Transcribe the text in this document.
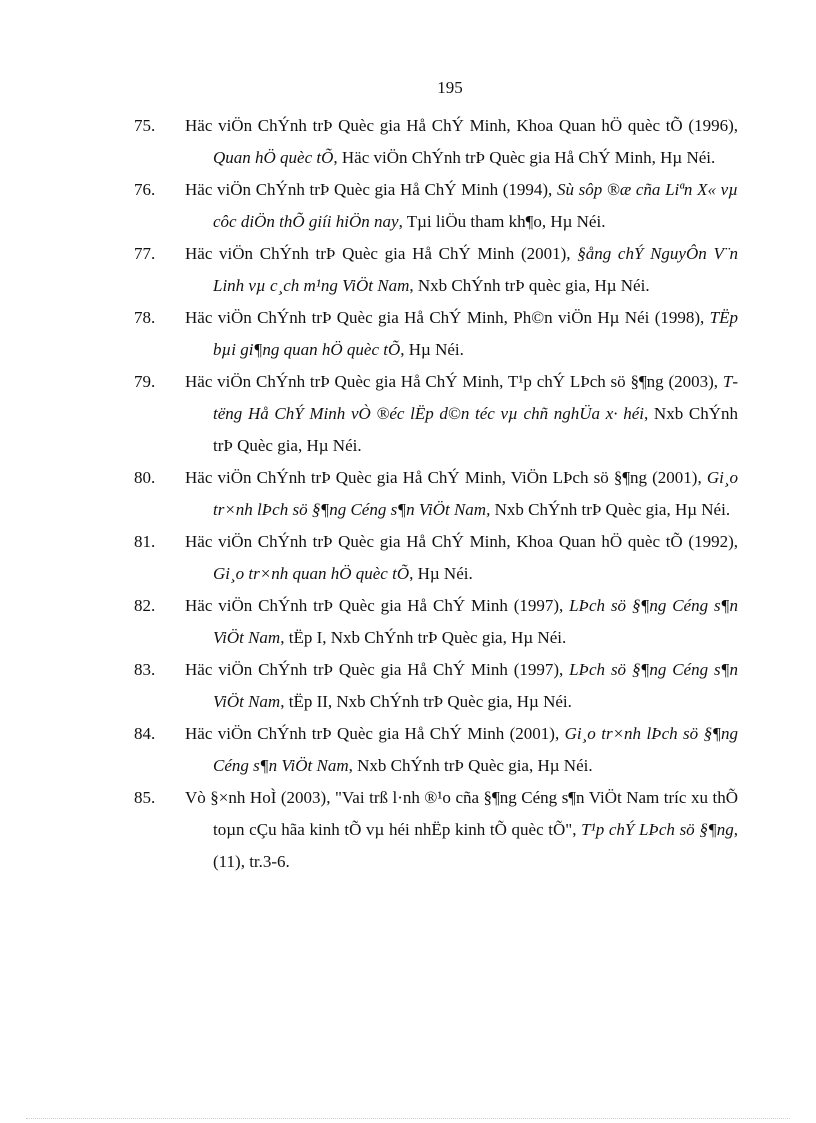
195
75. Häc viÖn ChÝnh trÞ Quèc gia Hå ChÝ Minh, Khoa Quan hÖ quèc tÕ (1996), Quan hÖ quèc tÕ, Häc viÖn ChÝnh trÞ Quèc gia Hå ChÝ Minh, Hµ Néi.
76. Häc viÖn ChÝnh trÞ Quèc gia Hå ChÝ Minh (1994), Sù sôp ®æ cña Liªn X« vµ côc diÖn thÕ giíi hiÖn nay, Tµi liÖu tham kh¶o, Hµ Néi.
77. Häc viÖn ChÝnh trÞ Quèc gia Hå ChÝ Minh (2001), §ång chÝ NguyÔn V¨n Linh vµ c¸ch m¹ng ViÖt Nam, Nxb ChÝnh trÞ quèc gia, Hµ Néi.
78. Häc viÖn ChÝnh trÞ Quèc gia Hå ChÝ Minh, Ph©n viÖn Hµ Néi (1998), TËp bµi gi¶ng quan hÖ quèc tÕ, Hµ Néi.
79. Häc viÖn ChÝnh trÞ Quèc gia Hå ChÝ Minh, T¹p chÝ LÞch sö §¶ng (2003), T tëng Hå ChÝ Minh vÒ ®éc lËp d©n téc vµ chñ nghÜa x· héi, Nxb ChÝnh trÞ Quèc gia, Hµ Néi.
80. Häc viÖn ChÝnh trÞ Quèc gia Hå ChÝ Minh, ViÖn LÞch sö §¶ng (2001), Gi¸o tr×nh lÞch sö §¶ng Céng s¶n ViÖt Nam, Nxb ChÝnh trÞ Quèc gia, Hµ Néi.
81. Häc viÖn ChÝnh trÞ Quèc gia Hå ChÝ Minh, Khoa Quan hÖ quèc tÕ (1992), Gi¸o tr×nh quan hÖ quèc tÕ, Hµ Néi.
82. Häc viÖn ChÝnh trÞ Quèc gia Hå ChÝ Minh (1997), LÞch sö §¶ng Céng s¶n ViÖt Nam, tËp I, Nxb ChÝnh trÞ Quèc gia, Hµ Néi.
83. Häc viÖn ChÝnh trÞ Quèc gia Hå ChÝ Minh (1997), LÞch sö §¶ng Céng s¶n ViÖt Nam, tËp II, Nxb ChÝnh trÞ Quèc gia, Hµ Néi.
84. Häc viÖn ChÝnh trÞ Quèc gia Hå ChÝ Minh (2001), Gi¸o tr×nh lÞch sö §¶ng Céng s¶n ViÖt Nam, Nxb ChÝnh trÞ Quèc gia, Hµ Néi.
85. Vò §×nh HoÌ (2003), "Vai trß l·nh ®¹o cña §¶ng Céng s¶n ViÖt Nam tríc xu thÕ toµn cÇu hãa kinh tÕ vµ héi nhËp kinh tÕ quèc tÕ", T¹p chÝ LÞch sö §¶ng, (11), tr.3-6.
